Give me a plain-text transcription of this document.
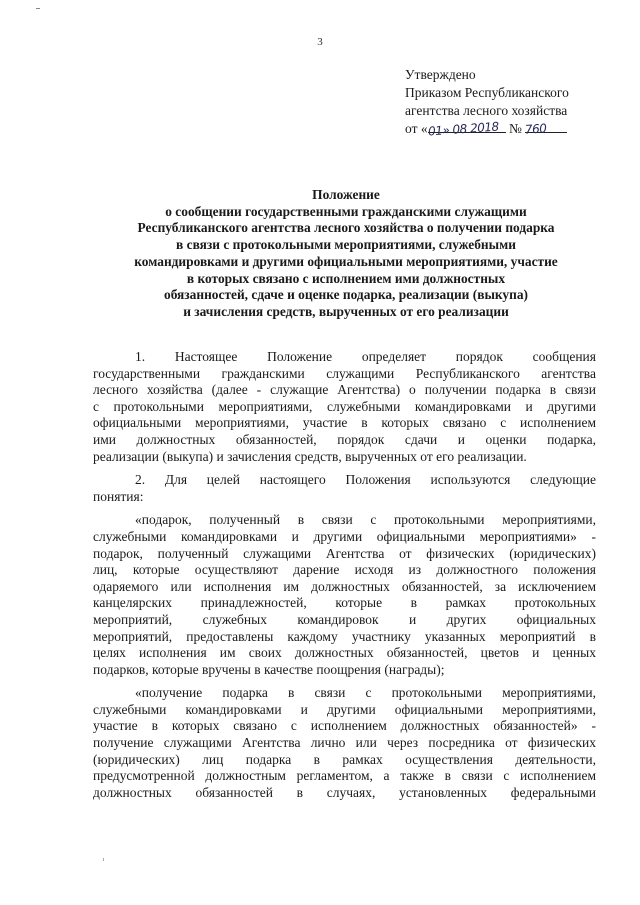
3
Утверждено
Приказом Республиканского
агентства лесного хозяйства
от «01» 08 2018 № 760
Положение
о сообщении государственными гражданскими служащими
Республиканского агентства лесного хозяйства о получении подарка
в связи с протокольными мероприятиями, служебными
командировками и другими официальными мероприятиями, участие
в которых связано с исполнением ими должностных
обязанностей, сдаче и оценке подарка, реализации (выкупа)
и зачисления средств, вырученных от его реализации
1. Настоящее Положение определяет порядок сообщения
государственными гражданскими служащими Республиканского агентства
лесного хозяйства (далее - служащие Агентства) о получении подарка в связи
с протокольными мероприятиями, служебными командировками и другими
официальными мероприятиями, участие в которых связано с исполнением
ими должностных обязанностей, порядок сдачи и оценки подарка,
реализации (выкупа) и зачисления средств, вырученных от его реализации.
2. Для целей настоящего Положения используются следующие
понятия:
«подарок, полученный в связи с протокольными мероприятиями,
служебными командировками и другими официальными мероприятиями» -
подарок, полученный служащими Агентства от физических (юридических)
лиц, которые осуществляют дарение исходя из должностного положения
одаряемого или исполнения им должностных обязанностей, за исключением
канцелярских принадлежностей, которые в рамках протокольных
мероприятий, служебных командировок и других официальных
мероприятий, предоставлены каждому участнику указанных мероприятий в
целях исполнения им своих должностных обязанностей, цветов и ценных
подарков, которые вручены в качестве поощрения (награды);
«получение подарка в связи с протокольными мероприятиями,
служебными командировками и другими официальными мероприятиями,
участие в которых связано с исполнением должностных обязанностей» -
получение служащими Агентства лично или через посредника от физических
(юридических) лиц подарка в рамках осуществления деятельности,
предусмотренной должностным регламентом, а также в связи с исполнением
должностных обязанностей в случаях, установленных федеральными
